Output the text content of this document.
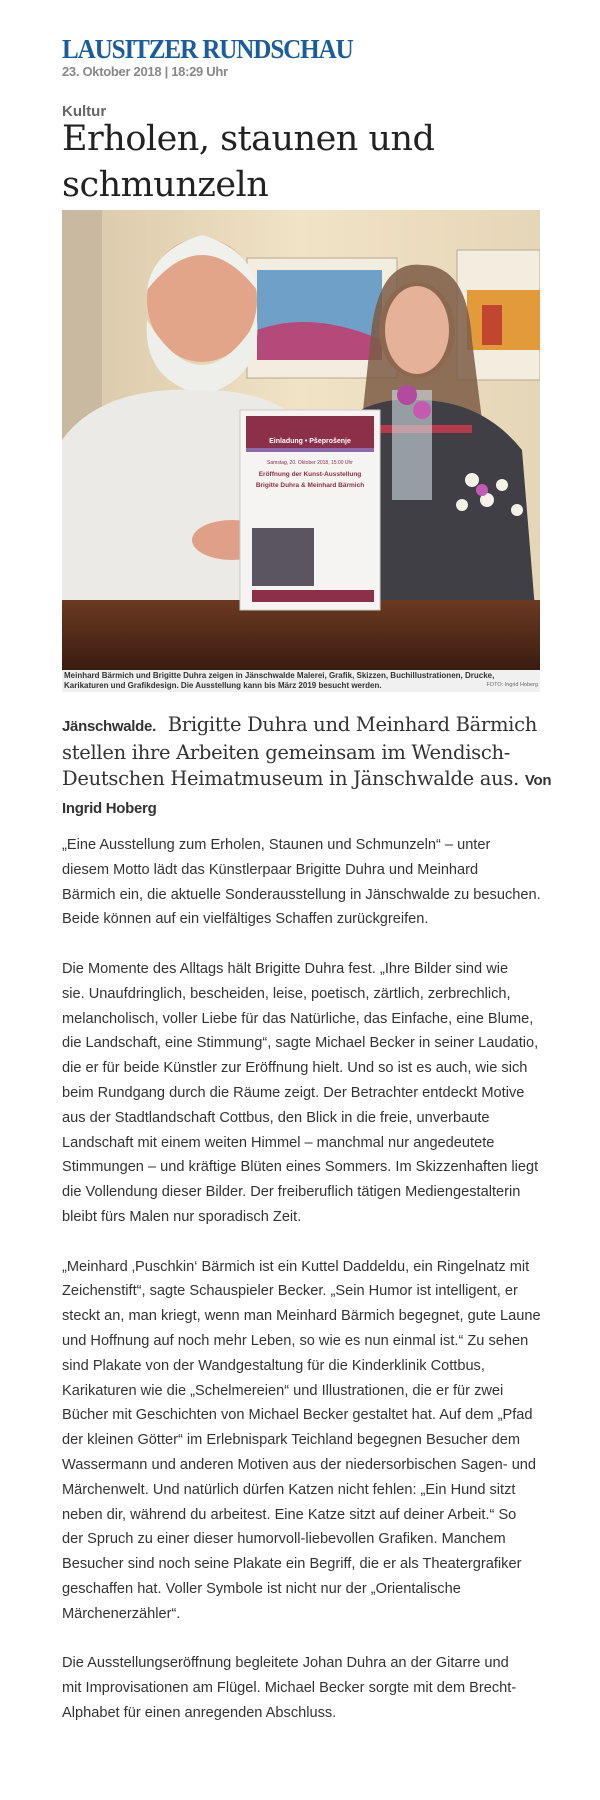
LAUSITZER RUNDSCHAU
23. Oktober 2018 | 18:29 Uhr
Kultur
Erholen, staunen und
schmunzeln
Einladung • Pšeprošenje
Samstag, 20. Oktober 2018, 15:00 Uhr
Eröffnung der Kunst-Ausstellung
Brigitte Duhra & Meinhard Bärmich
Meinhard Bärmich und Brigitte Duhra zeigen in Jänschwalde Malerei, Grafik, Skizzen, Buchillustrationen, Drucke, Karikaturen und Grafikdesign. Die Ausstellung kann bis März 2019 besucht werden.	FOTO: Ingrid Hoberg
Jänschwalde. Brigitte Duhra und Meinhard Bärmich
stellen ihre Arbeiten gemeinsam im Wendisch-
Deutschen Heimatmuseum in Jänschwalde aus. Von
Ingrid Hoberg

„Eine Ausstellung zum Erholen, Staunen und Schmunzeln“ – unter
diesem Motto lädt das Künstlerpaar Brigitte Duhra und Meinhard
Bärmich ein, die aktuelle Sonderausstellung in Jänschwalde zu besuchen.
Beide können auf ein vielfältiges Schaffen zurückgreifen.

Die Momente des Alltags hält Brigitte Duhra fest. „Ihre Bilder sind wie
sie. Unaufdringlich, bescheiden, leise, poetisch, zärtlich, zerbrechlich,
melancholisch, voller Liebe für das Natürliche, das Einfache, eine Blume,
die Landschaft, eine Stimmung“, sagte Michael Becker in seiner Laudatio,
die er für beide Künstler zur Eröffnung hielt. Und so ist es auch, wie sich
beim Rundgang durch die Räume zeigt. Der Betrachter entdeckt Motive
aus der Stadtlandschaft Cottbus, den Blick in die freie, unverbaute
Landschaft mit einem weiten Himmel – manchmal nur angedeutete
Stimmungen – und kräftige Blüten eines Sommers. Im Skizzenhaften liegt
die Vollendung dieser Bilder. Der freiberuflich tätigen Mediengestalterin
bleibt fürs Malen nur sporadisch Zeit.

„Meinhard ‚Puschkin‘ Bärmich ist ein Kuttel Daddeldu, ein Ringelnatz mit
Zeichenstift“, sagte Schauspieler Becker. „Sein Humor ist intelligent, er
steckt an, man kriegt, wenn man Meinhard Bärmich begegnet, gute Laune
und Hoffnung auf noch mehr Leben, so wie es nun einmal ist.“ Zu sehen
sind Plakate von der Wandgestaltung für die Kinderklinik Cottbus,
Karikaturen wie die „Schelmereien“ und Illustrationen, die er für zwei
Bücher mit Geschichten von Michael Becker gestaltet hat. Auf dem „Pfad
der kleinen Götter“ im Erlebnispark Teichland begegnen Besucher dem
Wassermann und anderen Motiven aus der niedersorbischen Sagen- und
Märchenwelt. Und natürlich dürfen Katzen nicht fehlen: „Ein Hund sitzt
neben dir, während du arbeitest. Eine Katze sitzt auf deiner Arbeit.“ So
der Spruch zu einer dieser humorvoll-liebevollen Grafiken. Manchem
Besucher sind noch seine Plakate ein Begriff, die er als Theatergrafiker
geschaffen hat. Voller Symbole ist nicht nur der „Orientalische
Märchenerzähler“.

Die Ausstellungseröffnung begleitete Johan Duhra an der Gitarre und
mit Improvisationen am Flügel. Michael Becker sorgte mit dem Brecht-
Alphabet für einen anregenden Abschluss.
